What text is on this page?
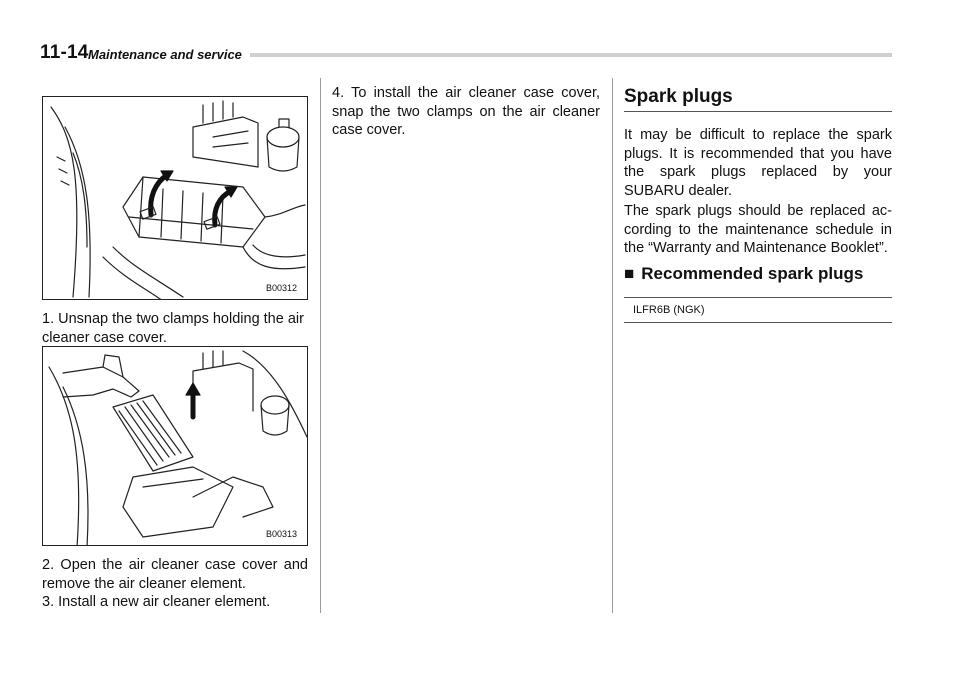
11-14 Maintenance and service
B00312

1. Unsnap the two clamps holding the air cleaner case cover.

B00313

2. Open the air cleaner case cover and remove the air cleaner element.

3. Install a new air cleaner element.

4. To install the air cleaner case cover, snap the two clamps on the air cleaner case cover.

Spark plugs

It may be difficult to replace the spark plugs. It is recommended that you have the spark plugs replaced by your SUBARU dealer.

The spark plugs should be replaced ac-cording to the maintenance schedule in the “Warranty and Maintenance Booklet”.

■ Recommended spark plugs
ILFR6B (NGK)
